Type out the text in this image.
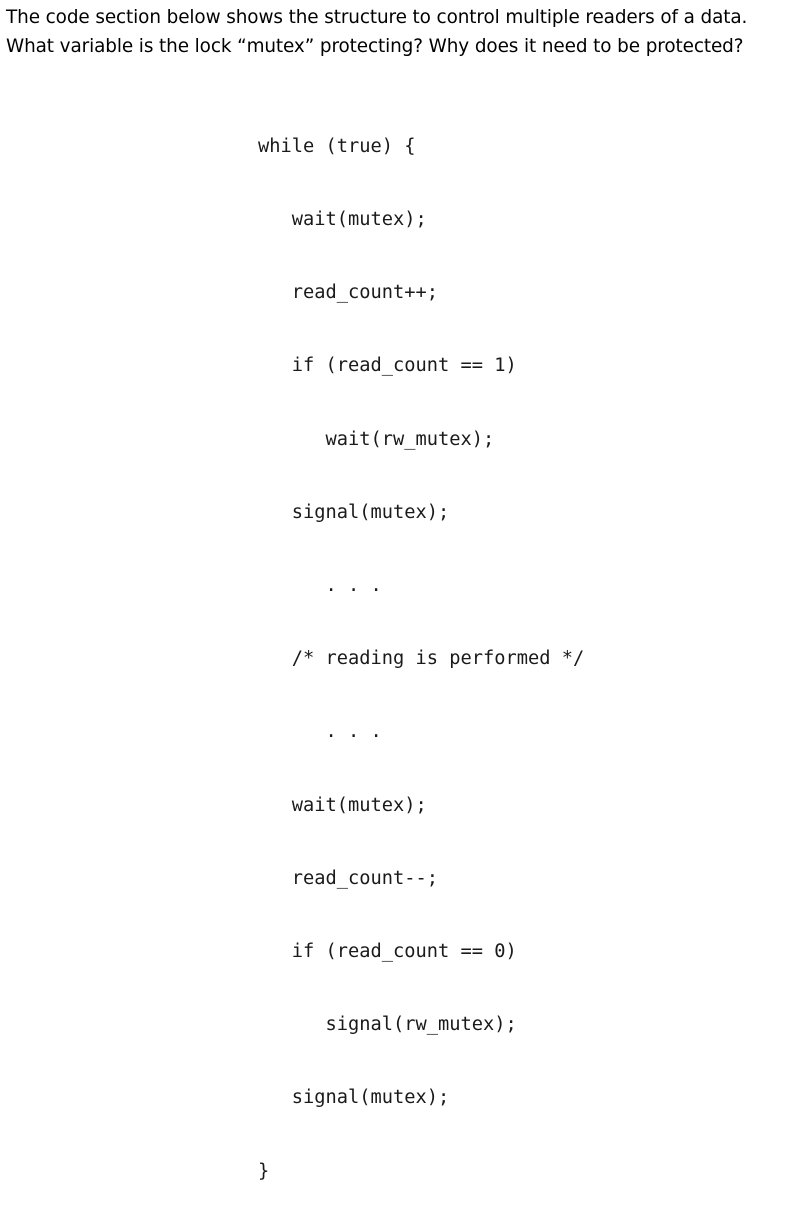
The code section below shows the structure to control multiple readers of a data.
What variable is the lock “mutex” protecting? Why does it need to be protected?

while (true) {

wait(mutex);

read_count++;

if (read_count == 1)

wait(rw_mutex);

signal(mutex);

. . .

/* reading is performed */

. . .

wait(mutex);

read_count--;

if (read_count == 0)

signal(rw_mutex);

signal(mutex);

}
